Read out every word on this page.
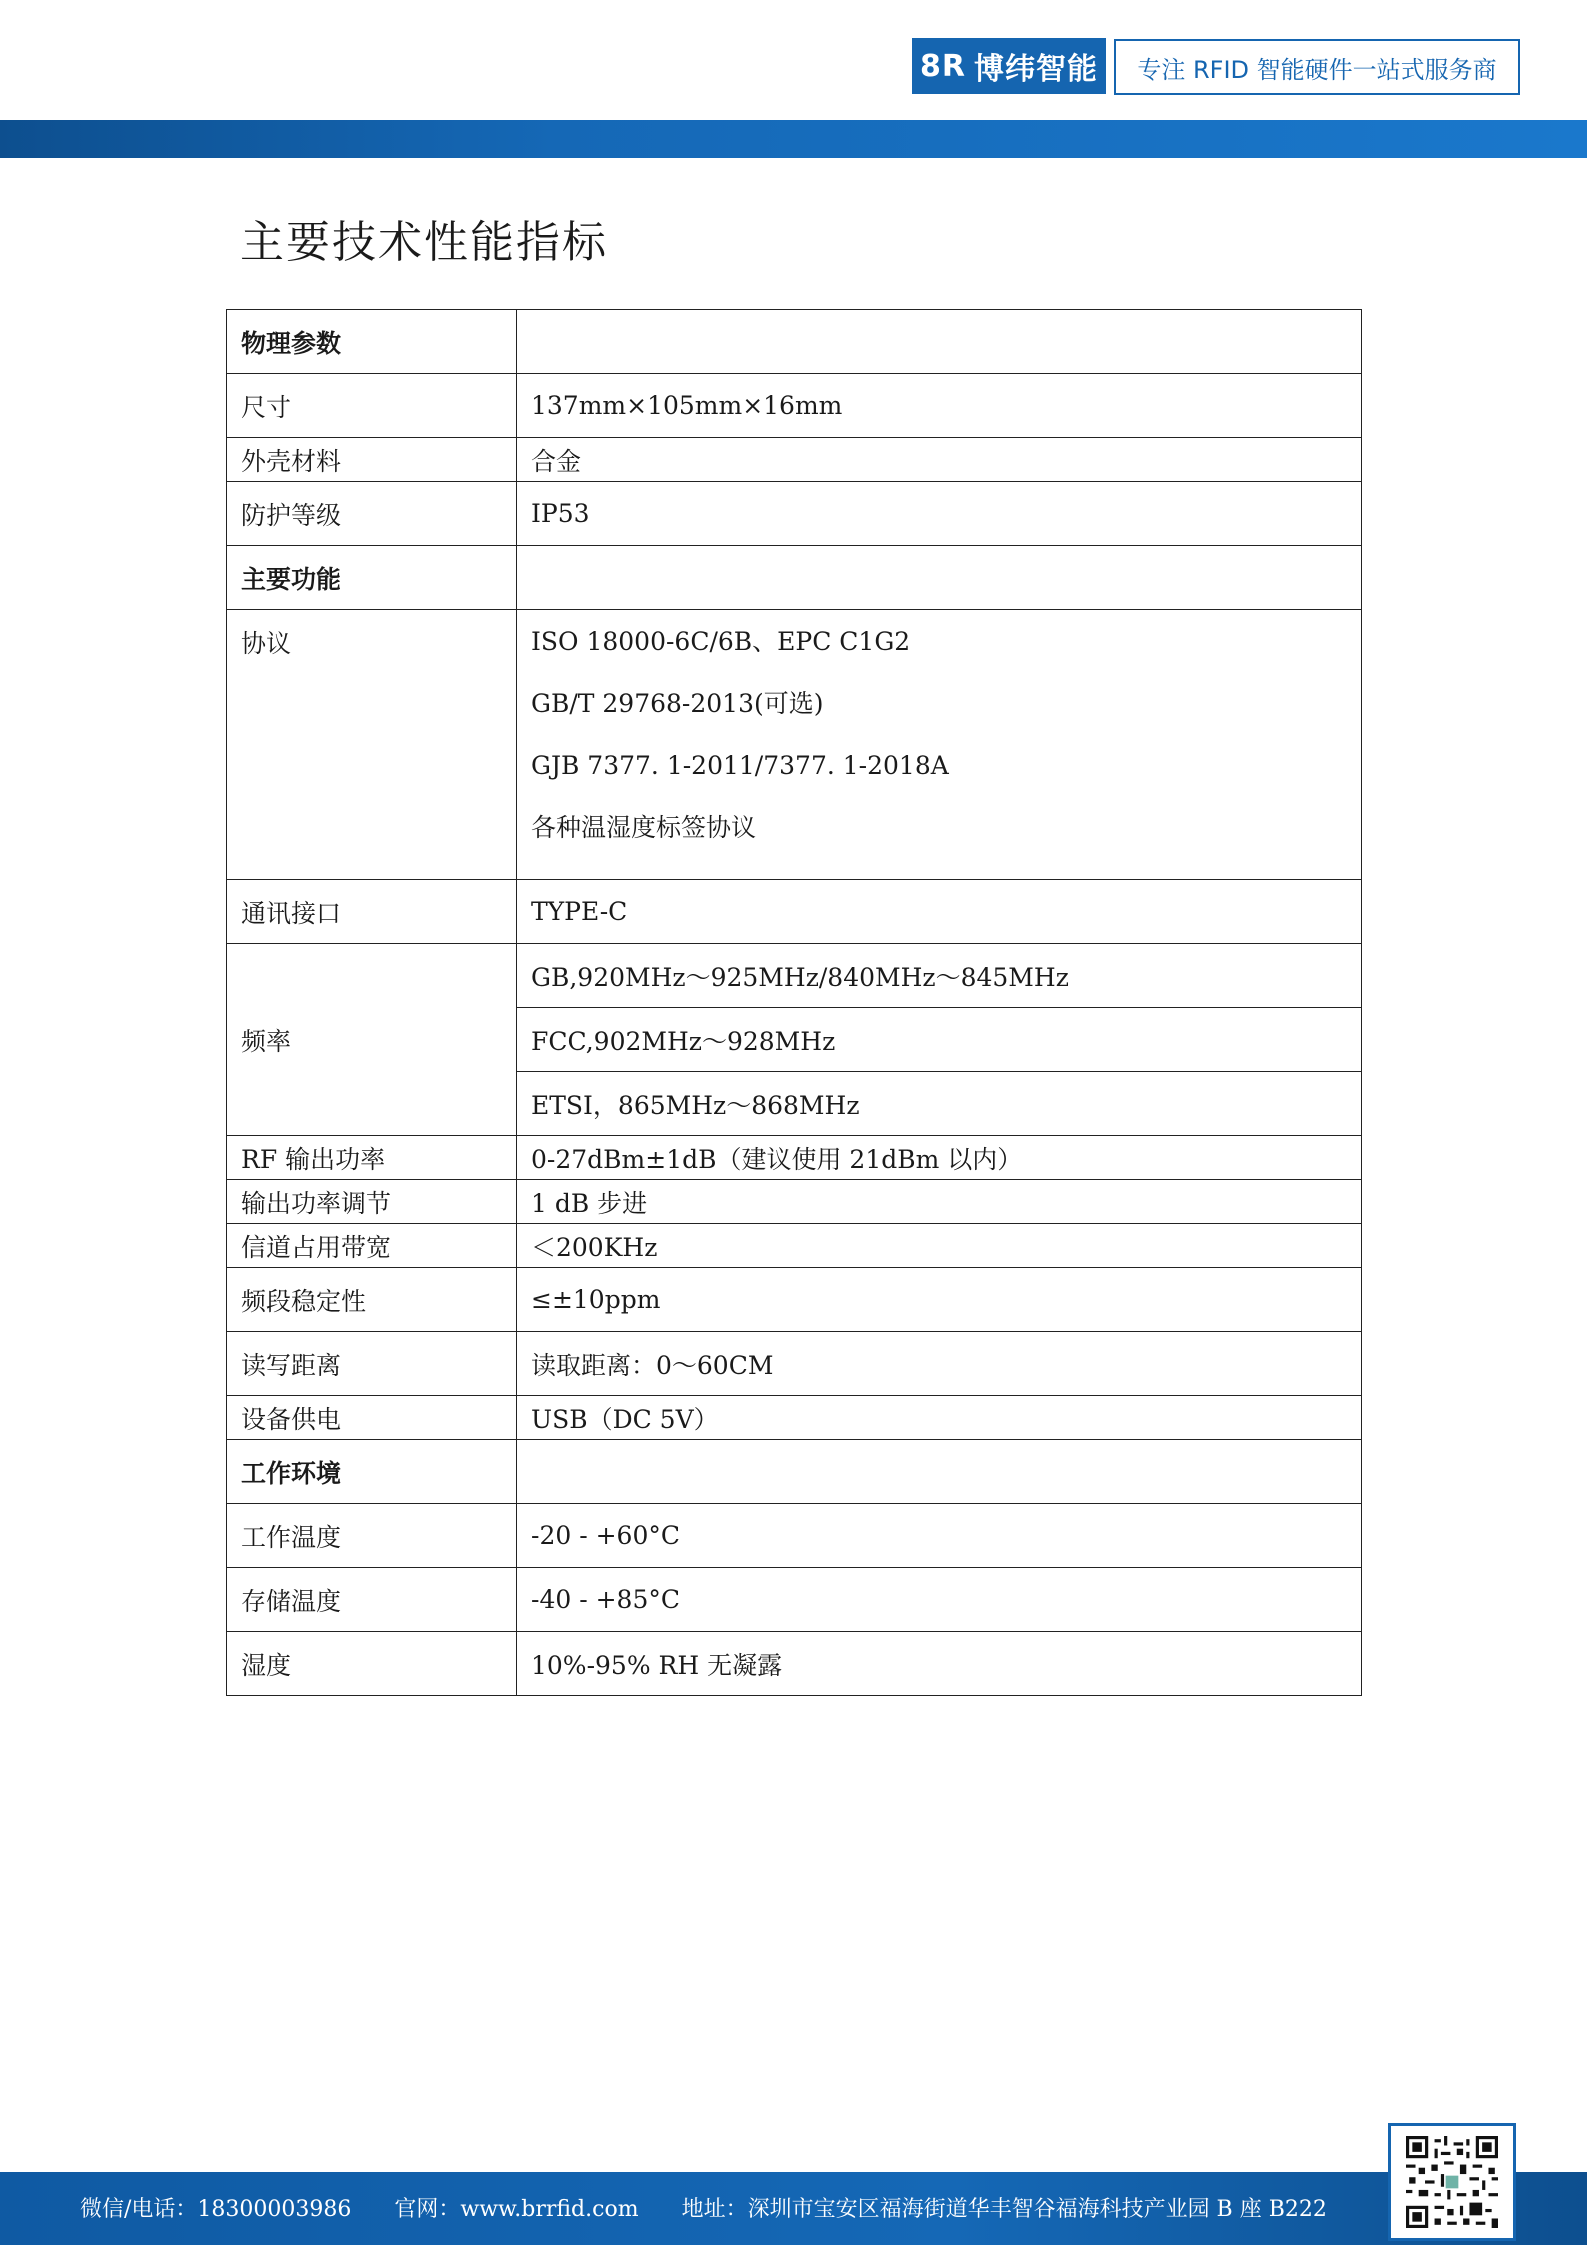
8R 博纬智能	专注 RFID 智能硬件一站式服务商
主要技术性能指标
物理参数	
尺寸	137mm×105mm×16mm
外壳材料	合金
防护等级	IP53
主要功能	
协议	ISO 18000-6C/6B、EPC C1G2
GB/T 29768-2013(可选)
GJB 7377. 1-2011/7377. 1-2018A
各种温湿度标签协议

通讯接口	TYPE-C
频率	GB,920MHz～925MHz/840MHz～845MHz
	FCC,902MHz～928MHz
	ETSI，865MHz～868MHz
RF 输出功率	0-27dBm±1dB（建议使用 21dBm 以内）
输出功率调节	1 dB 步进
信道占用带宽	＜200KHz
频段稳定性	≤±10ppm
读写距离	读取距离：0～60CM
设备供电	USB（DC 5V）
工作环境	
工作温度	-20 - +60°C
存储温度	-40 - +85°C
湿度	10%-95% RH 无凝露
微信/电话：18300003986 官网：www.brrfid.com 地址：深圳市宝安区福海街道华丰智谷福海科技产业园 B 座 B222
